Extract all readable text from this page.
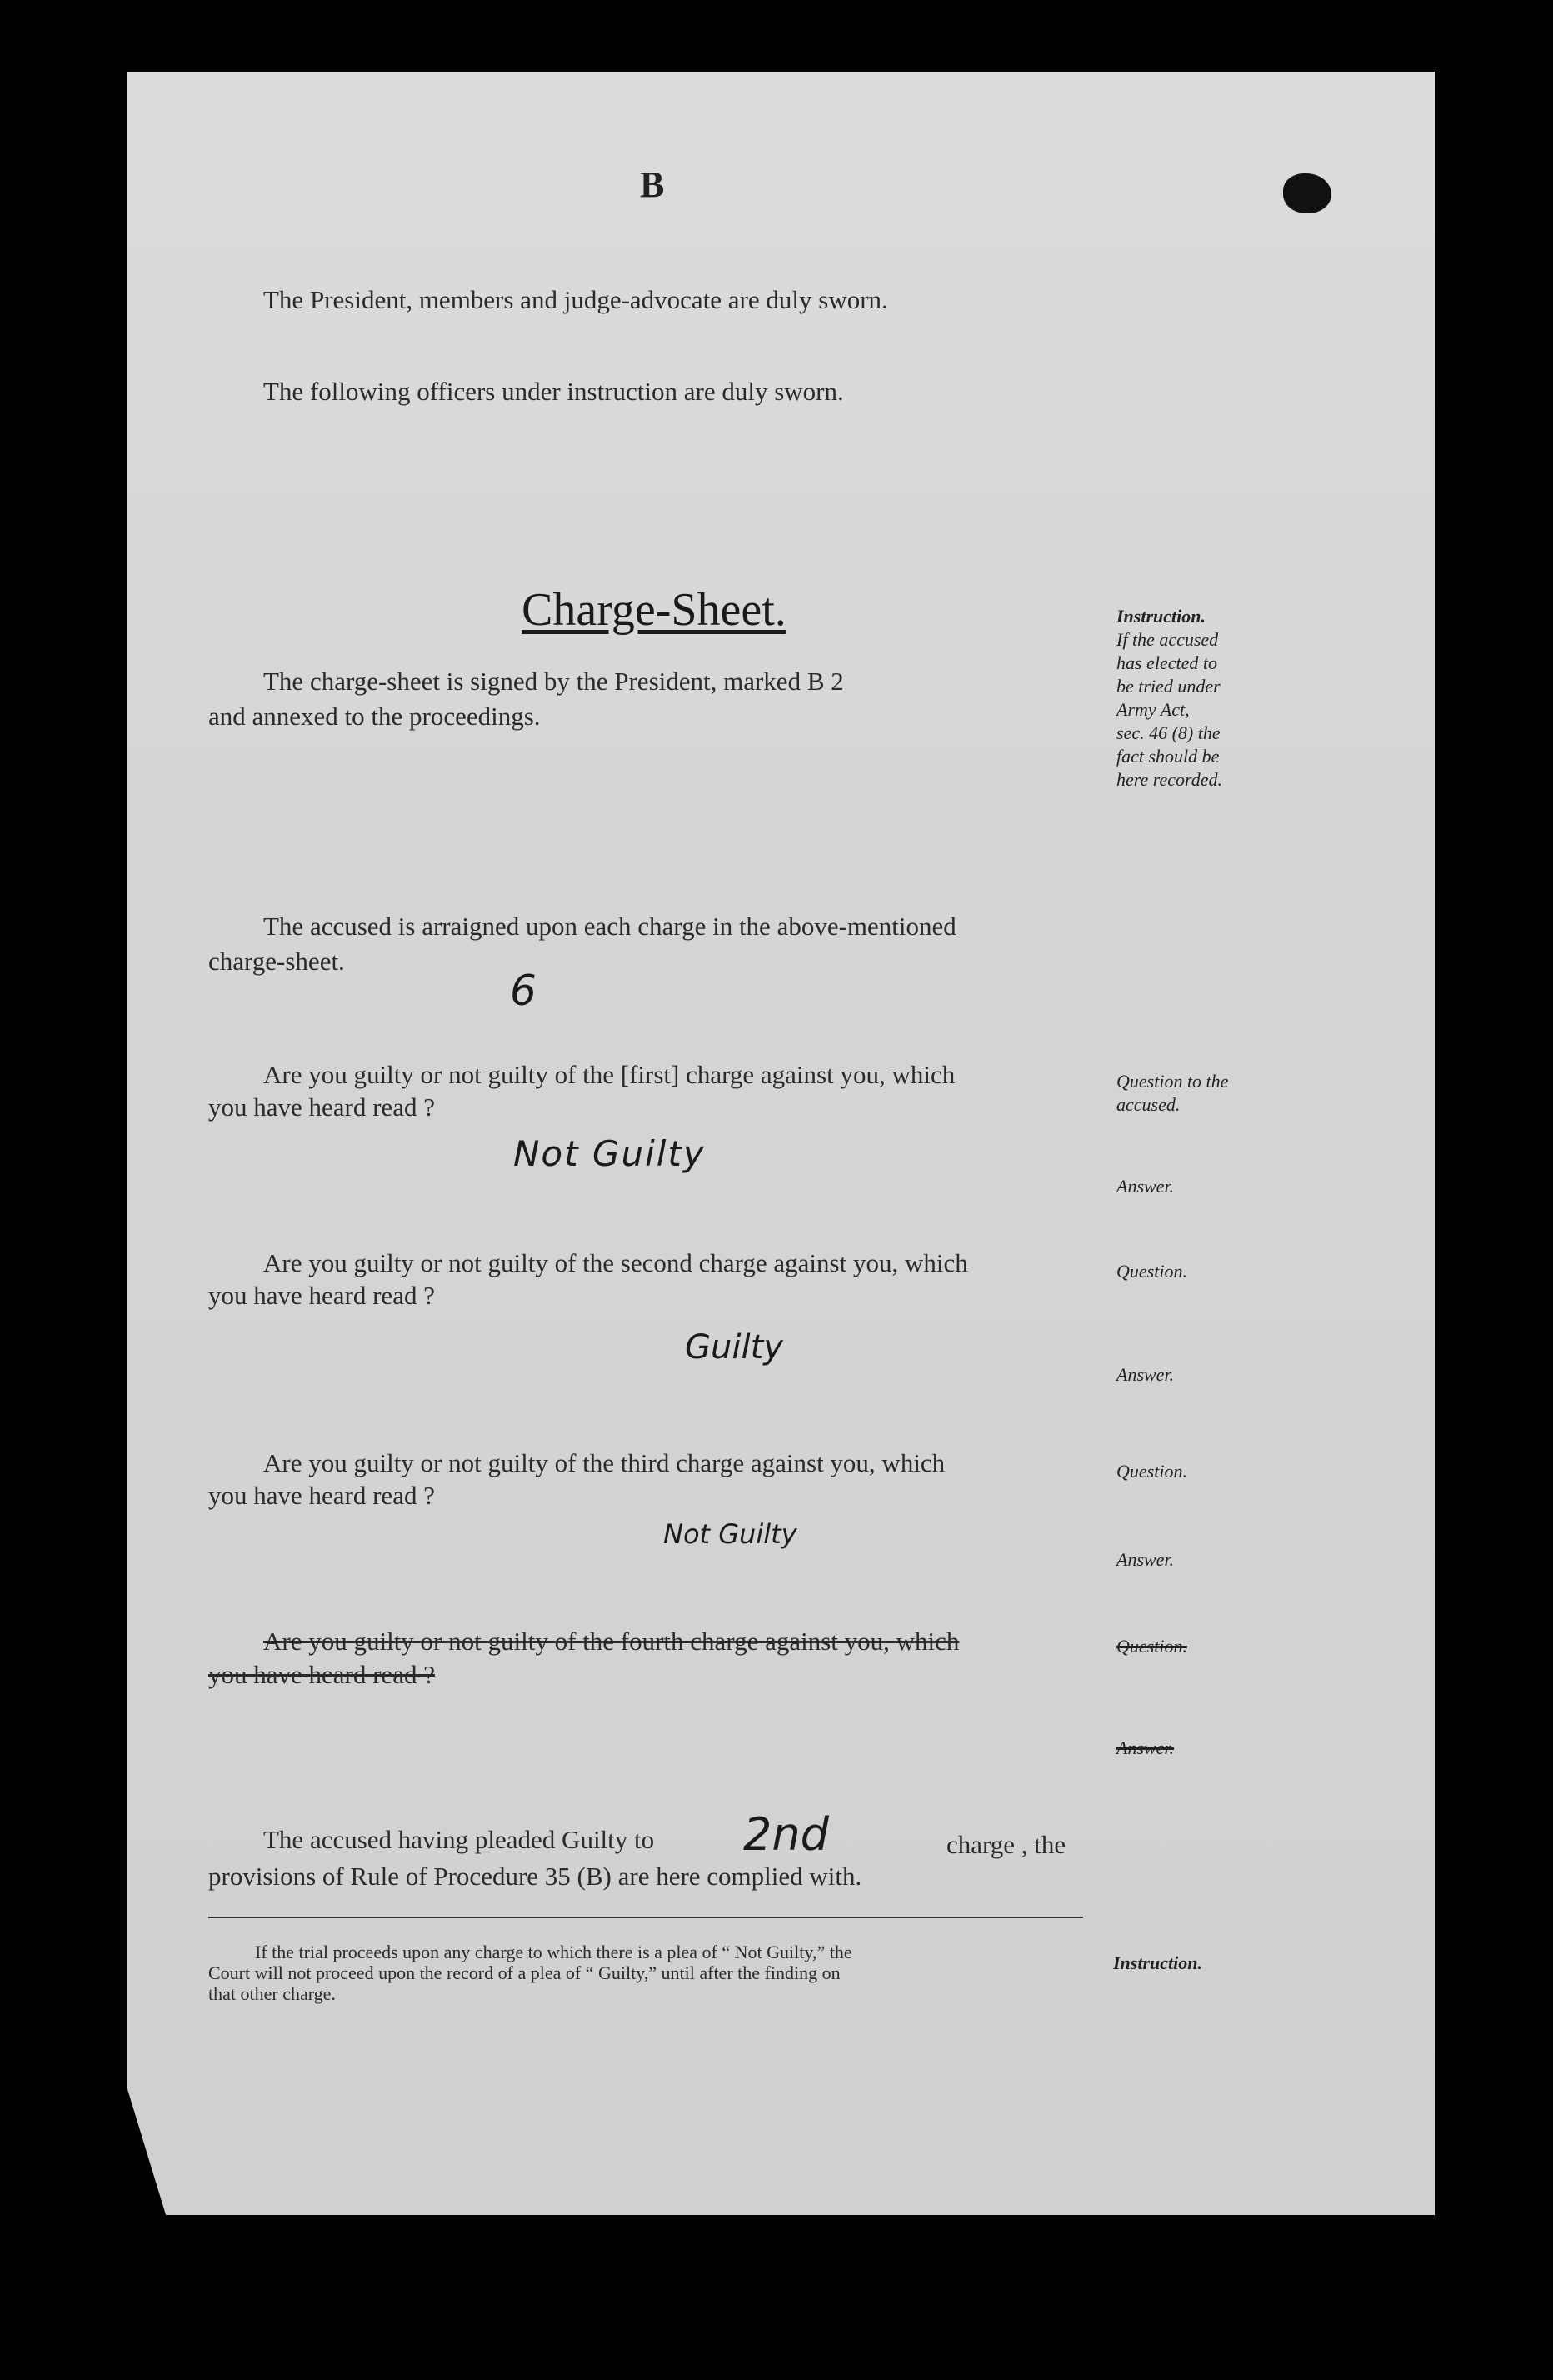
B
The President, members and judge-advocate are duly sworn.
The following officers under instruction are duly sworn.
Charge-Sheet.
The charge-sheet is signed by the President, marked B 2
and annexed to the proceedings.
Instruction.
If the accused
has elected to
be tried under
Army Act,
sec. 46 (8) the
fact should be
here recorded.
The accused is arraigned upon each charge in the above-mentioned
charge-sheet.
6
Are you guilty or not guilty of the [first] charge against you, which
you have heard read ?
Question to the accused.
Not Guilty
Answer.
Are you guilty or not guilty of the second charge against you, which
you have heard read ?
Question.
Guilty
Answer.
Are you guilty or not guilty of the third charge against you, which
you have heard read ?
Question.
Not Guilty
Answer.
Are you guilty or not guilty of the fourth charge against you, which
you have heard read ?
Question.
Answer.
The accused having pleaded Guilty to 2nd	charge , the
provisions of Rule of Procedure 35 (B) are here complied with.
If the trial proceeds upon any charge to which there is a plea of “ Not Guilty,” the
Court will not proceed upon the record of a plea of “ Guilty,” until after the finding on
that other charge.
Instruction.
